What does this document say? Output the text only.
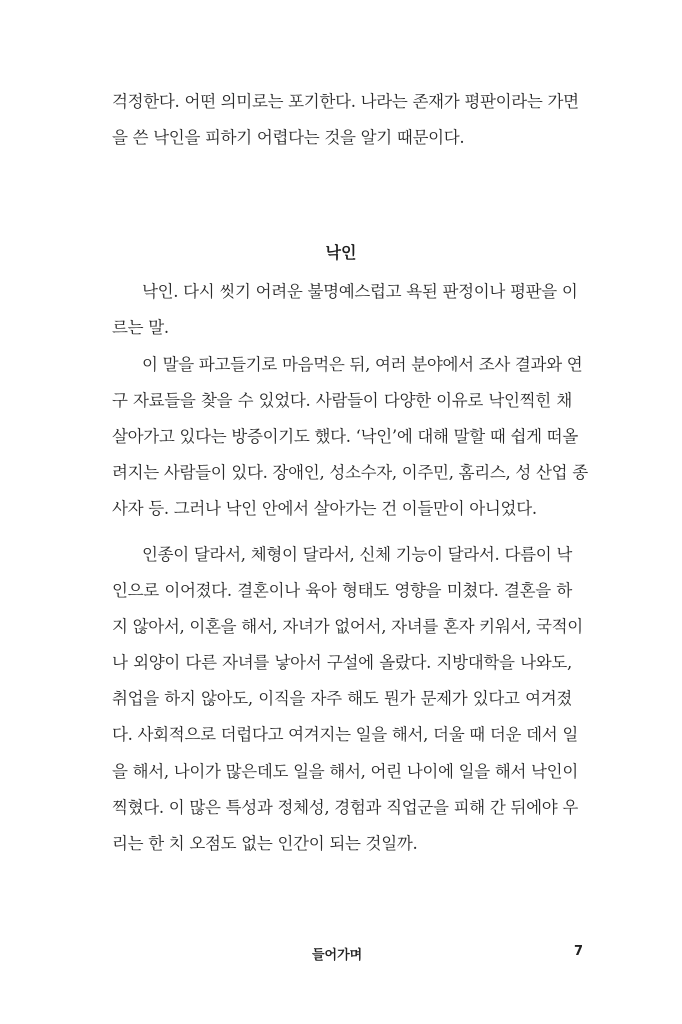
걱정한다. 어떤 의미로는 포기한다. 나라는 존재가 평판이라는 가면
을 쓴 낙인을 피하기 어렵다는 것을 알기 때문이다.
낙인
낙인. 다시 씻기 어려운 불명예스럽고 욕된 판정이나 평판을 이
르는 말.
이 말을 파고들기로 마음먹은 뒤, 여러 분야에서 조사 결과와 연
구 자료들을 찾을 수 있었다. 사람들이 다양한 이유로 낙인찍힌 채
살아가고 있다는 방증이기도 했다. ‘낙인’에 대해 말할 때 쉽게 떠올
려지는 사람들이 있다. 장애인, 성소수자, 이주민, 홈리스, 성 산업 종
사자 등. 그러나 낙인 안에서 살아가는 건 이들만이 아니었다.
인종이 달라서, 체형이 달라서, 신체 기능이 달라서. 다름이 낙
인으로 이어졌다. 결혼이나 육아 형태도 영향을 미쳤다. 결혼을 하
지 않아서, 이혼을 해서, 자녀가 없어서, 자녀를 혼자 키워서, 국적이
나 외양이 다른 자녀를 낳아서 구설에 올랐다. 지방대학을 나와도,
취업을 하지 않아도, 이직을 자주 해도 뭔가 문제가 있다고 여겨졌
다. 사회적으로 더럽다고 여겨지는 일을 해서, 더울 때 더운 데서 일
을 해서, 나이가 많은데도 일을 해서, 어린 나이에 일을 해서 낙인이
찍혔다. 이 많은 특성과 정체성, 경험과 직업군을 피해 간 뒤에야 우
리는 한 치 오점도 없는 인간이 되는 것일까.
들어가며	7
